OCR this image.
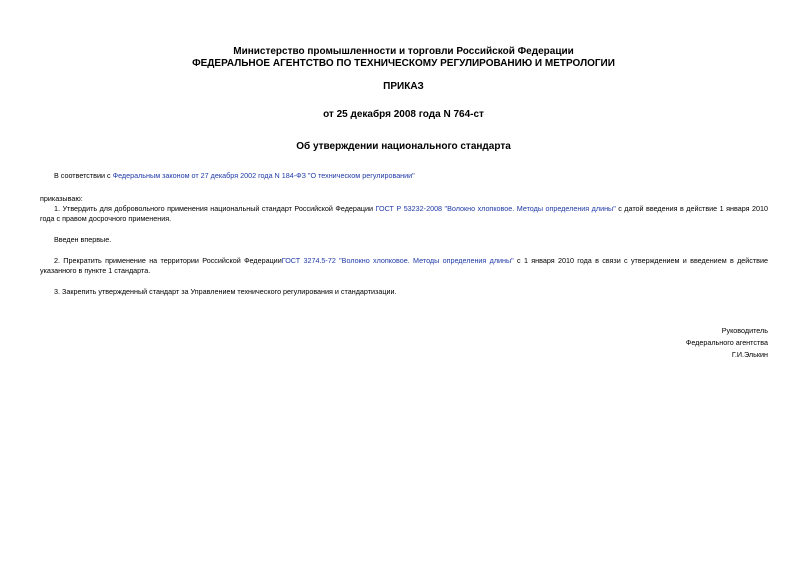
Министерство промышленности и торговли Российской Федерации
ФЕДЕРАЛЬНОЕ АГЕНТСТВО ПО ТЕХНИЧЕСКОМУ РЕГУЛИРОВАНИЮ И МЕТРОЛОГИИ
ПРИКАЗ
от 25 декабря 2008 года N 764-ст
Об утверждении национального стандарта
В соответствии с Федеральным законом от 27 декабря 2002 года N 184-ФЗ "О техническом регулировании"
приказываю:
1. Утвердить для добровольного применения национальный стандарт Российской Федерации ГОСТ Р 53232-2008 "Волокно хлопковое. Методы определения длины" с датой введения в действие 1 января 2010 года с правом досрочного применения.
Введен впервые.
2. Прекратить применение на территории Российской ФедерацииГОСТ 3274.5-72 "Волокно хлопковое. Методы определения длины" с 1 января 2010 года в связи с утверждением и введением в действие указанного в пункте 1 стандарта.
3. Закрепить утвержденный стандарт за Управлением технического регулирования и стандартизации.
Руководитель
Федерального агентства
Г.И.Элькин
